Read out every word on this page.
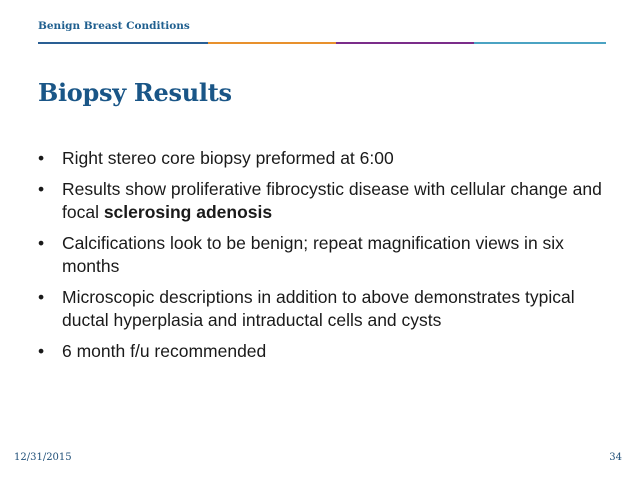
Benign Breast Conditions
Biopsy Results
• Right stereo core biopsy preformed at 6:00
• Results show proliferative fibrocystic disease with cellular change and focal sclerosing adenosis
• Calcifications look to be benign; repeat magnification views in six months
• Microscopic descriptions in addition to above demonstrates typical ductal hyperplasia and intraductal cells and cysts
• 6 month f/u recommended
12/31/2015	34
